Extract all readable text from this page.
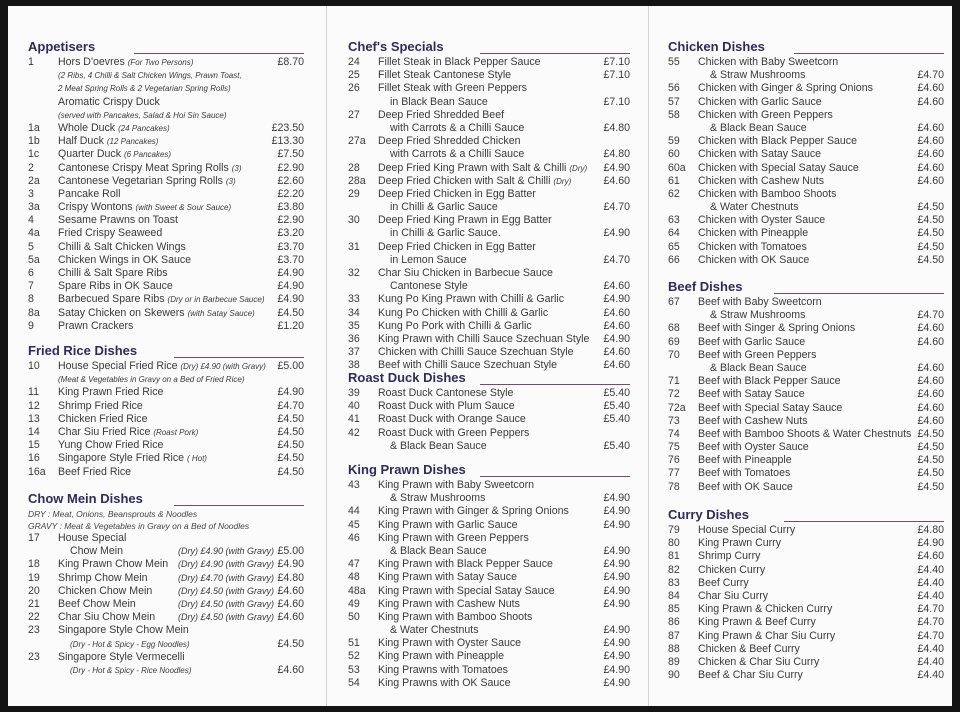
Appetisers
1	Hors D'oevres (For Two Persons)	£8.70
(2 Ribs, 4 Chilli & Salt Chicken Wings, Prawn Toast,
2 Meat Spring Rolls & 2 Vegetarian Spring Rolls)
Aromatic Crispy Duck
(served with Pancakes, Salad & Hoi Sin Sauce)
1a	Whole Duck (24 Pancakes)	£23.50
1b	Half Duck (12 Pancakes)	£13.30
1c	Quarter Duck (6 Pancakes)	£7.50
2	Cantonese Crispy Meat Spring Rolls (3)	£2.90
2a	Cantonese Vegetarian Spring Rolls (3)	£2.60
3	Pancake Roll	£2.20
3a	Crispy Wontons (with Sweet & Sour Sauce)	£3.80
4	Sesame Prawns on Toast	£2.90
4a	Fried Crispy Seaweed	£3.20
5	Chilli & Salt Chicken Wings	£3.70
5a	Chicken Wings in OK Sauce	£3.70
6	Chilli & Salt Spare Ribs	£4.90
7	Spare Ribs in OK Sauce	£4.90
8	Barbecued Spare Ribs (Dry or in Barbecue Sauce) £4.90
8a	Satay Chicken on Skewers (with Satay Sauce) £4.50
9	Prawn Crackers	£1.20
Fried Rice Dishes
10	House Special Fried Rice (Dry) £4.90 (with Gravy) £5.00
(Meat & Vegetables in Gravy on a Bed of Fried Rice)
11	King Prawn Fried Rice	£4.90
12	Shrimp Fried Rice	£4.70
13	Chicken Fried Rice	£4.50
14	Char Siu Fried Rice (Roast Pork)	£4.50
15	Yung Chow Fried Rice	£4.50
16	Singapore Style Fried Rice ( Hot)	£4.50
16a	Beef Fried Rice	£4.50
Chow Mein Dishes
DRY : Meat, Onions, Beansprouts & Noodles
GRAVY : Meat & Vegetables in Gravy on a Bed of Noodles
17	House Special
Chow Mein	(Dry) £4.90 (with Gravy) £5.00
18	King Prawn Chow Mein (Dry) £4.90 (with Gravy) £4.90
19	Shrimp Chow Mein	(Dry) £4.70 (with Gravy) £4.80
20	Chicken Chow Mein	(Dry) £4.50 (with Gravy) £4.60
21	Beef Chow Mein	(Dry) £4.50 (with Gravy) £4.60
22	Char Siu Chow Mein	(Dry) £4.50 (with Gravy) £4.60
23	Singapore Style Chow Mein
(Dry - Hot & Spicy - Egg Noodles)	£4.50
23	Singapore Style Vermecelli
(Dry - Hot & Spicy - Rice Noodles)	£4.60
Chef's Specials
24	Fillet Steak in Black Pepper Sauce	£7.10
25	Fillet Steak Cantonese Style	£7.10
26	Fillet Steak with Green Peppers
in Black Bean Sauce	£7.10
27	Deep Fried Shredded Beef
with Carrots & a Chilli Sauce	£4.80
27a	Deep Fried Shredded Chicken
with Carrots & a Chilli Sauce	£4.80
28	Deep Fried King Prawn with Salt & Chilli (Dry) £4.90
28a	Deep Fried Chicken with Salt & Chilli (Dry)	£4.60
29	Deep Fried Chicken in Egg Batter
in Chilli & Garlic Sauce	£4.70
30	Deep Fried King Prawn in Egg Batter
in Chilli & Garlic Sauce.	£4.90
31	Deep Fried Chicken in Egg Batter
in Lemon Sauce	£4.70
32	Char Siu Chicken in Barbecue Sauce
Cantonese Style	£4.60
33	Kung Po King Prawn with Chilli & Garlic	£4.90
34	Kung Po Chicken with Chilli & Garlic	£4.60
35	Kung Po Pork with Chilli & Garlic	£4.60
36	King Prawn with Chilli Sauce Szechuan Style £4.90
37	Chicken with Chilli Sauce Szechuan Style	£4.60
38	Beef with Chilli Sauce Szechuan Style	£4.60
Roast Duck Dishes
39	Roast Duck Cantonese Style	£5.40
40	Roast Duck with Plum Sauce	£5.40
41	Roast Duck with Orange Sauce	£5.40
42	Roast Duck with Green Peppers
& Black Bean Sauce	£5.40
King Prawn Dishes
43	King Prawn with Baby Sweetcorn
& Straw Mushrooms	£4.90
44	King Prawn with Ginger & Spring Onions	£4.90
45	King Prawn with Garlic Sauce	£4.90
46	King Prawn with Green Peppers
& Black Bean Sauce	£4.90
47	King Prawn with Black Pepper Sauce	£4.90
48	King Prawn with Satay Sauce	£4.90
48a	King Prawn with Special Satay Sauce	£4.90
49	King Prawn with Cashew Nuts	£4.90
50	King Prawn with Bamboo Shoots
& Water Chestnuts	£4.90
51	King Prawn with Oyster Sauce	£4.90
52	King Prawn with Pineapple	£4.90
53	King Prawns with Tomatoes	£4.90
54	King Prawns with OK Sauce	£4.90
Chicken Dishes
55	Chicken with Baby Sweetcorn
& Straw Mushrooms	£4.70
56	Chicken with Ginger & Spring Onions	£4.60
57	Chicken with Garlic Sauce	£4.60
58	Chicken with Green Peppers
& Black Bean Sauce	£4.60
59	Chicken with Black Pepper Sauce	£4.60
60	Chicken with Satay Sauce	£4.60
60a	Chicken with Special Satay Sauce	£4.60
61	Chicken with Cashew Nuts	£4.60
62	Chicken with Bamboo Shoots
& Water Chestnuts	£4.50
63	Chicken with Oyster Sauce	£4.50
64	Chicken with Pineapple	£4.50
65	Chicken with Tomatoes	£4.50
66	Chicken with OK Sauce	£4.50
Beef Dishes
67	Beef with Baby Sweetcorn
& Straw Mushrooms	£4.70
68	Beef with Singer & Spring Onions	£4.60
69	Beef with Garlic Sauce	£4.60
70	Beef with Green Peppers
& Black Bean Sauce	£4.60
71	Beef with Black Pepper Sauce	£4.60
72	Beef with Satay Sauce	£4.60
72a	Beef with Special Satay Sauce	£4.60
73	Beef with Cashew Nuts	£4.60
74	Beef with Bamboo Shoots & Water Chestnuts £4.50
75	Beef with Oyster Sauce	£4.50
76	Beef with Pineapple	£4.50
77	Beef with Tomatoes	£4.50
78	Beef with OK Sauce	£4.50
Curry Dishes
79	House Special Curry	£4.80
80	King Prawn Curry	£4.90
81	Shrimp Curry	£4.60
82	Chicken Curry	£4.40
83	Beef Curry	£4.40
84	Char Siu Curry	£4.40
85	King Prawn & Chicken Curry	£4.70
86	King Prawn & Beef Curry	£4.70
87	King Prawn & Char Siu Curry	£4.70
88	Chicken & Beef Curry	£4.40
89	Chicken & Char Siu Curry	£4.40
90	Beef & Char Siu Curry	£4.40
